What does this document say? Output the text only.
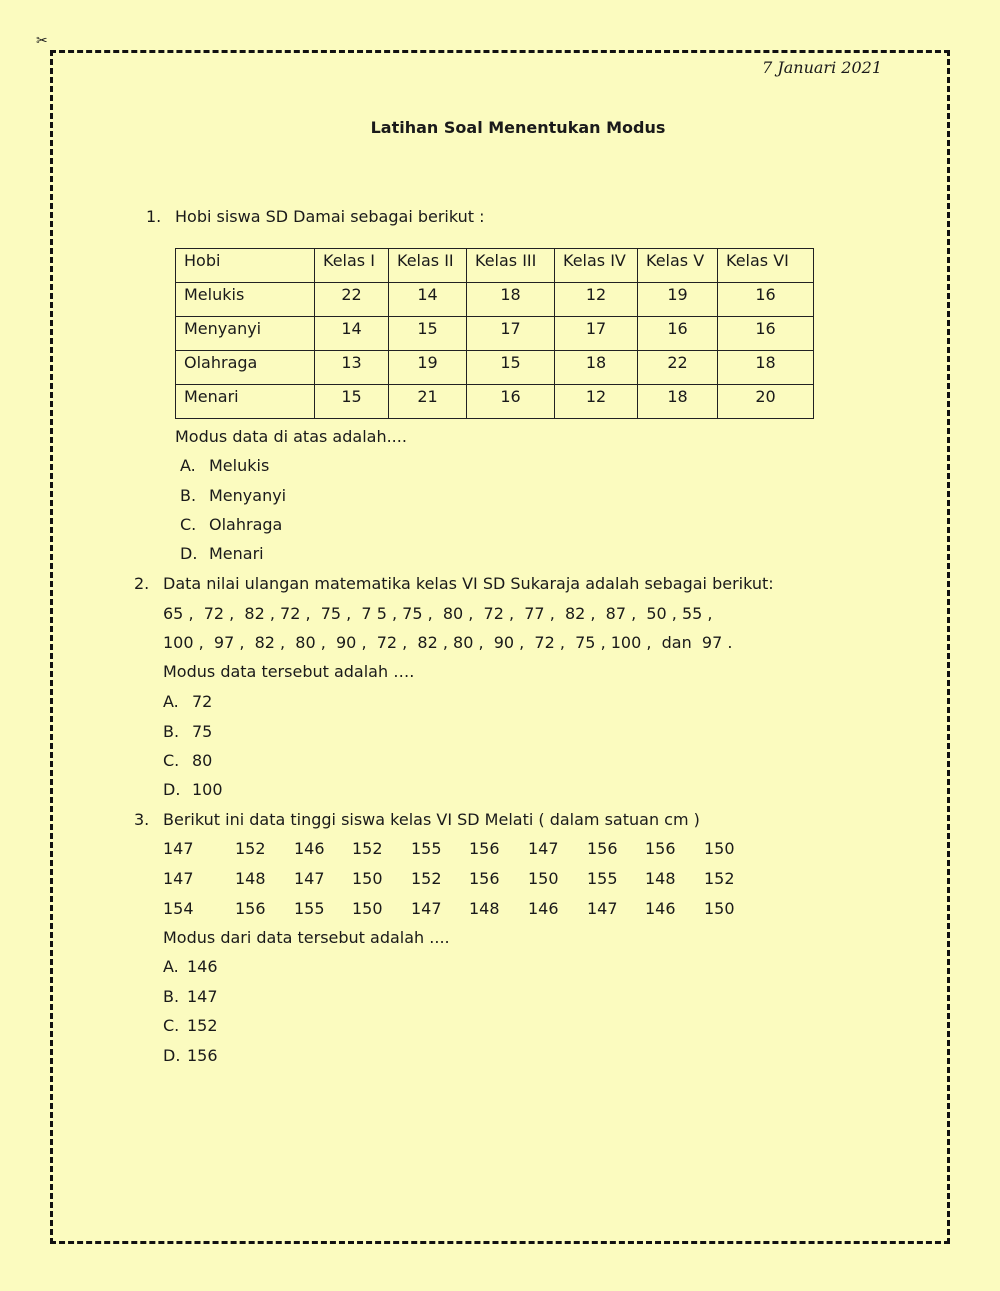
✂
7 Januari 2021
Latihan Soal Menentukan Modus
1. Hobi siswa SD Damai sebagai berikut :
Hobi	Kelas I	Kelas II	Kelas III	Kelas IV	Kelas V	Kelas VI
Melukis	22	14	18	12	19	16
Menyanyi	14	15	17	17	16	16
Olahraga	13	19	15	18	22	18
Menari	15	21	16	12	18	20
Modus data di atas adalah....
A. Melukis
B. Menyanyi
C. Olahraga
D. Menari
2. Data nilai ulangan matematika kelas VI SD Sukaraja adalah sebagai berikut:
65 ,  72 ,  82 , 72 ,  75 ,  7 5 , 75 ,  80 ,  72 ,  77 ,  82 ,  87 ,  50 , 55 ,
100 ,  97 ,  82 ,  80 ,  90 ,  72 ,  82 , 80 ,  90 ,  72 ,  75 , 100 ,  dan  97 .
Modus data tersebut adalah ….
A. 72
B. 75
C. 80
D. 100
3. Berikut ini data tinggi siswa kelas VI SD Melati ( dalam satuan cm )
147	152 146 152 155 156 147 156 156 150
147	148 147 150 152 156 150 155 148 152
154	156 155 150 147 148 146 147 146 150
Modus dari data tersebut adalah ....
A. 146
B. 147
C. 152
D. 156
